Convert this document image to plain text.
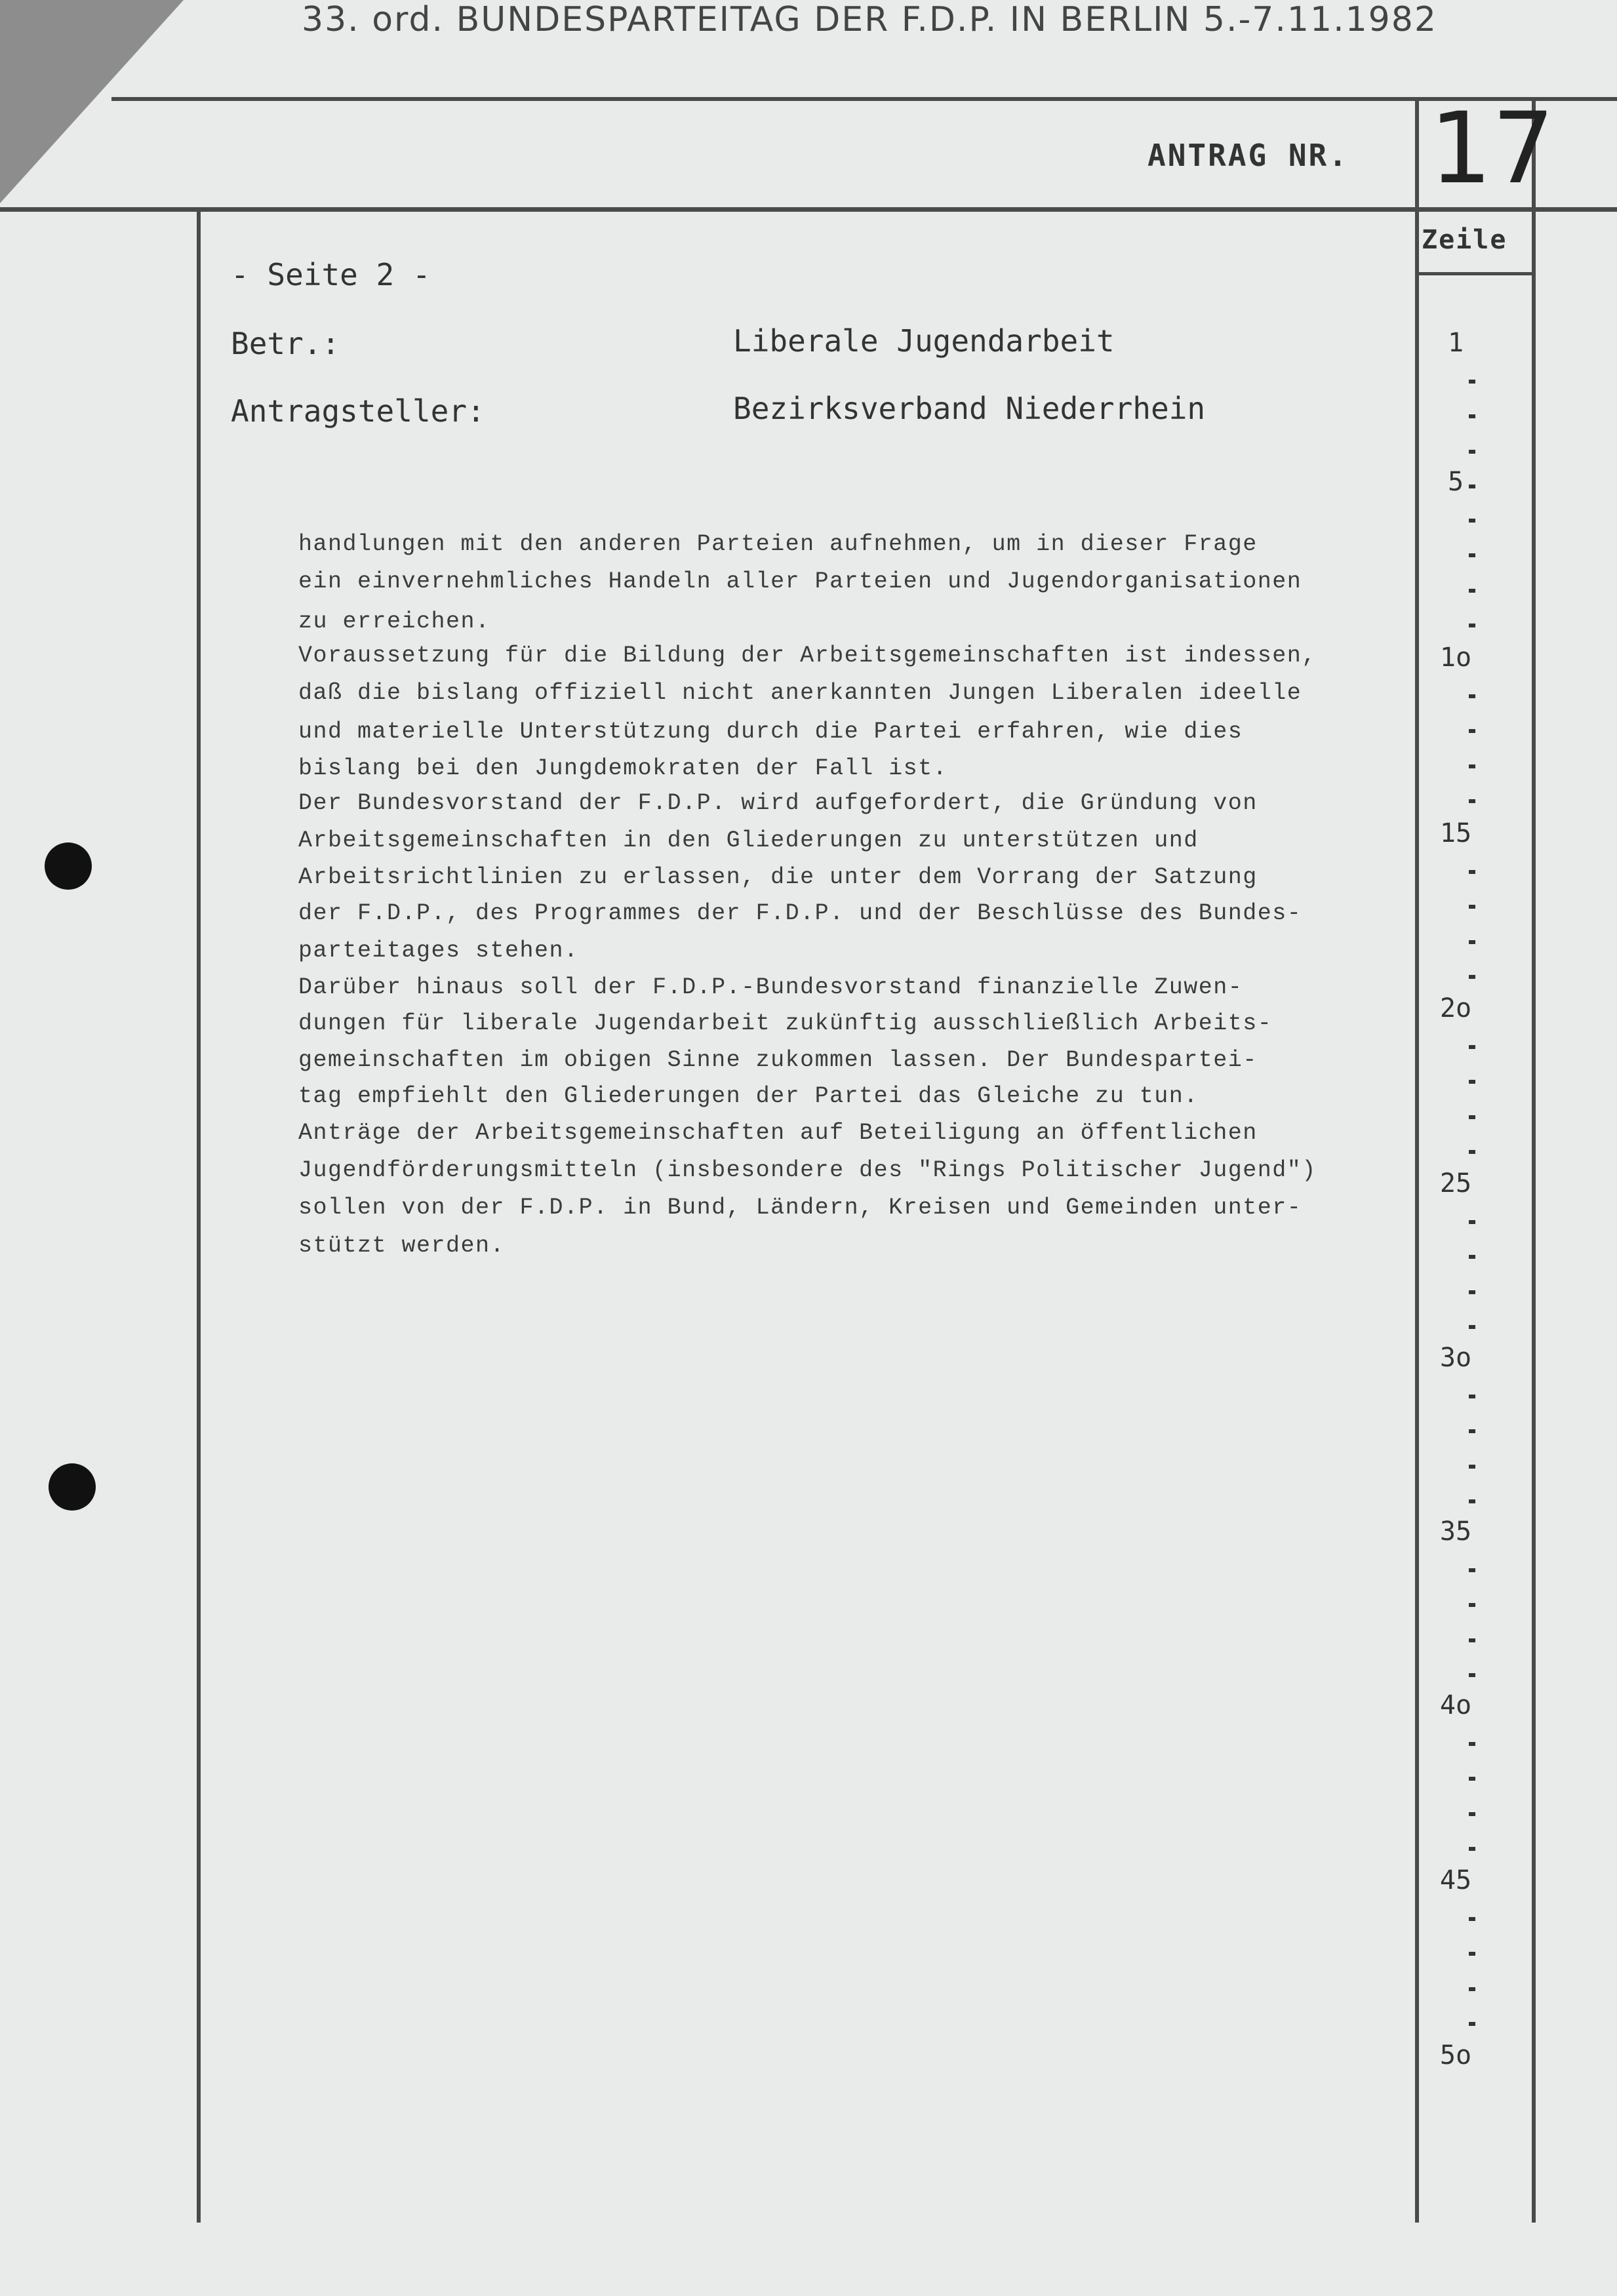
33. ord. BUNDESPARTEITAG DER F.D.P. IN BERLIN 5.-7.11.1982
ANTRAG NR. 17
Zeile
- Seite 2 -
Betr.:	Liberale Jugendarbeit
Antragsteller:	Bezirksverband Niederrhein
handlungen mit den anderen Parteien aufnehmen, um in dieser Frage
ein einvernehmliches Handeln aller Parteien und Jugendorganisationen
zu erreichen.
Voraussetzung für die Bildung der Arbeitsgemeinschaften ist indessen,
daß die bislang offiziell nicht anerkannten Jungen Liberalen ideelle
und materielle Unterstützung durch die Partei erfahren, wie dies
bislang bei den Jungdemokraten der Fall ist.
Der Bundesvorstand der F.D.P. wird aufgefordert, die Gründung von
Arbeitsgemeinschaften in den Gliederungen zu unterstützen und
Arbeitsrichtlinien zu erlassen, die unter dem Vorrang der Satzung
der F.D.P., des Programmes der F.D.P. und der Beschlüsse des Bundes-
parteitages stehen.
Darüber hinaus soll der F.D.P.-Bundesvorstand finanzielle Zuwen-
dungen für liberale Jugendarbeit zukünftig ausschließlich Arbeits-
gemeinschaften im obigen Sinne zukommen lassen. Der Bundespartei-
tag empfiehlt den Gliederungen der Partei das Gleiche zu tun.
Anträge der Arbeitsgemeinschaften auf Beteiligung an öffentlichen
Jugendförderungsmitteln (insbesondere des "Rings Politischer Jugend")
sollen von der F.D.P. in Bund, Ländern, Kreisen und Gemeinden unter-
stützt werden.
1
5
1o
15
2o
25
3o
35
4o
45
5o
